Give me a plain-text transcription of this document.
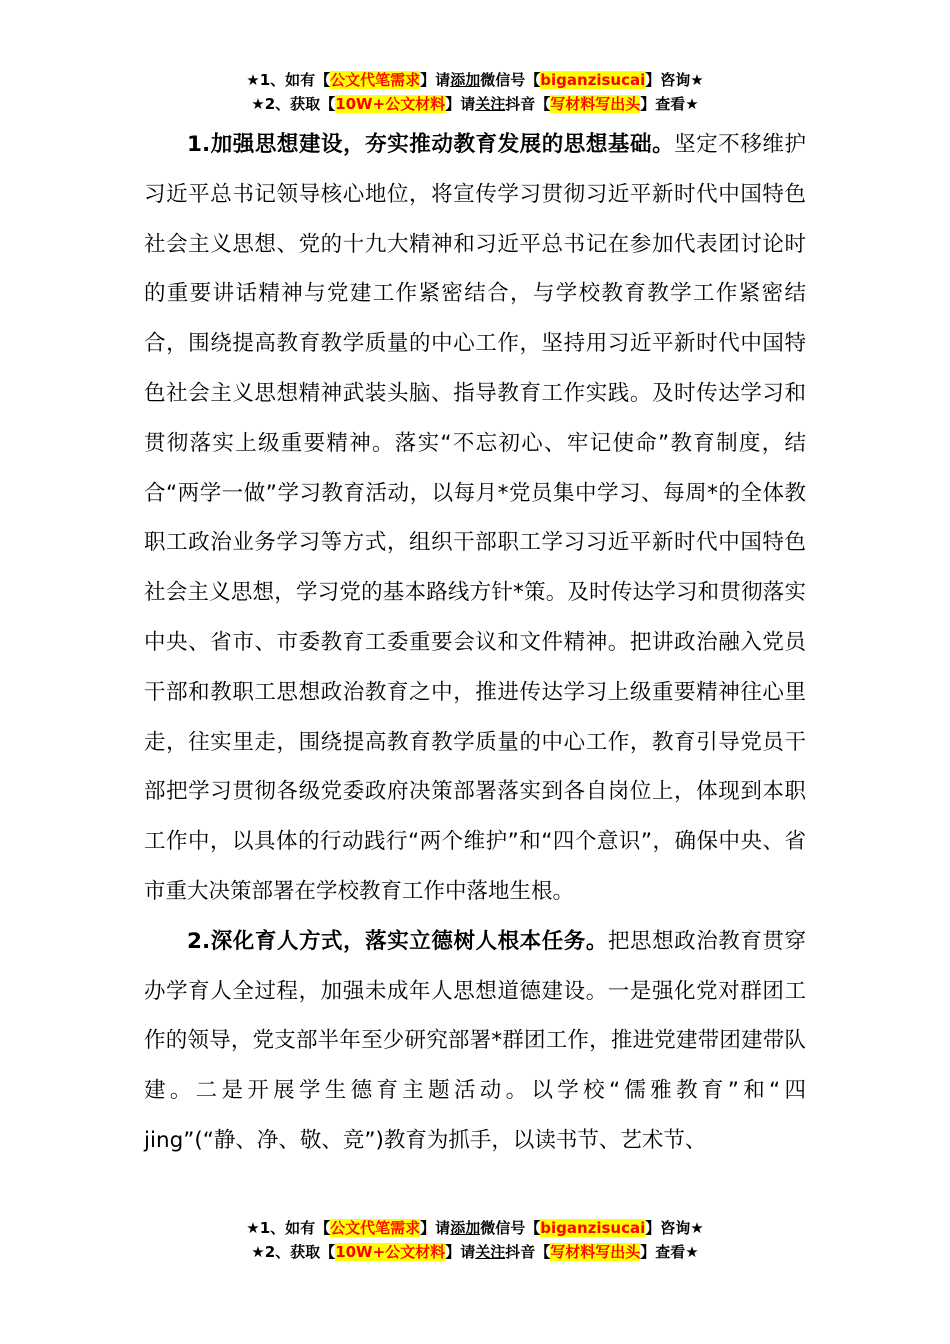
★1、如有【公文代笔需求】请添加微信号【biganzisucai】咨询★
★2、获取【10W+公文材料】请关注抖音【写材料写出头】查看★

1.加强思想建设，夯实推动教育发展的思想基础。坚定不移维护习近平总书记领导核心地位，将宣传学习贯彻习近平新时代中国特色社会主义思想、党的十九大精神和习近平总书记在参加代表团讨论时的重要讲话精神与党建工作紧密结合，与学校教育教学工作紧密结合，围绕提高教育教学质量的中心工作，坚持用习近平新时代中国特色社会主义思想精神武装头脑、指导教育工作实践。及时传达学习和贯彻落实上级重要精神。落实“不忘初心、牢记使命”教育制度，结合“两学一做”学习教育活动，以每月*党员集中学习、每周*的全体教职工政治业务学习等方式，组织干部职工学习习近平新时代中国特色社会主义思想，学习党的基本路线方针*策。及时传达学习和贯彻落实中央、省市、市委教育工委重要会议和文件精神。把讲政治融入党员干部和教职工思想政治教育之中，推进传达学习上级重要精神往心里走，往实里走，围绕提高教育教学质量的中心工作，教育引导党员干部把学习贯彻各级党委政府决策部署落实到各自岗位上，体现到本职工作中，以具体的行动践行“两个维护”和“四个意识”，确保中央、省市重大决策部署在学校教育工作中落地生根。

2.深化育人方式，落实立德树人根本任务。把思想政治教育贯穿办学育人全过程，加强未成年人思想道德建设。一是强化党对群团工作的领导，党支部半年至少研究部署*群团工作，推进党建带团建带队建。二是开展学生德育主题活动。以学校“儒雅教育”和“四jing”(“静、净、敬、竞”)教育为抓手，以读书节、艺术节、

★1、如有【公文代笔需求】请添加微信号【biganzisucai】咨询★
★2、获取【10W+公文材料】请关注抖音【写材料写出头】查看★
